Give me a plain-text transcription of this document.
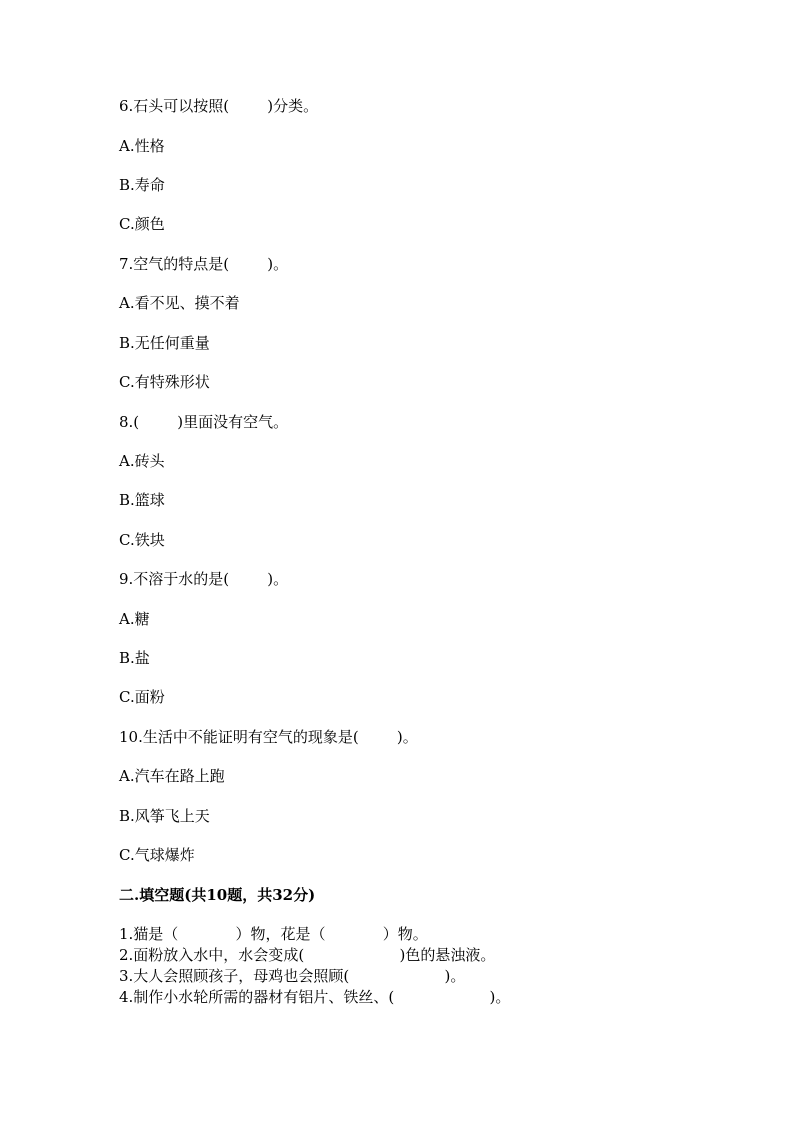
6.石头可以按照(        )分类。
A.性格
B.寿命
C.颜色
7.空气的特点是(        )。
A.看不见、摸不着
B.无任何重量
C.有特殊形状
8.(        )里面没有空气。
A.砖头
B.篮球
C.铁块
9.不溶于水的是(        )。
A.糖
B.盐
C.面粉
10.生活中不能证明有空气的现象是(        )。
A.汽车在路上跑
B.风筝飞上天
C.气球爆炸
二.填空题(共10题，共32分)
1.猫是（            ）物，花是（            ）物。
2.面粉放入水中，水会变成(                    )色的悬浊液。
3.大人会照顾孩子，母鸡也会照顾(                    )。
4.制作小水轮所需的器材有铝片、铁丝、(                    )。
